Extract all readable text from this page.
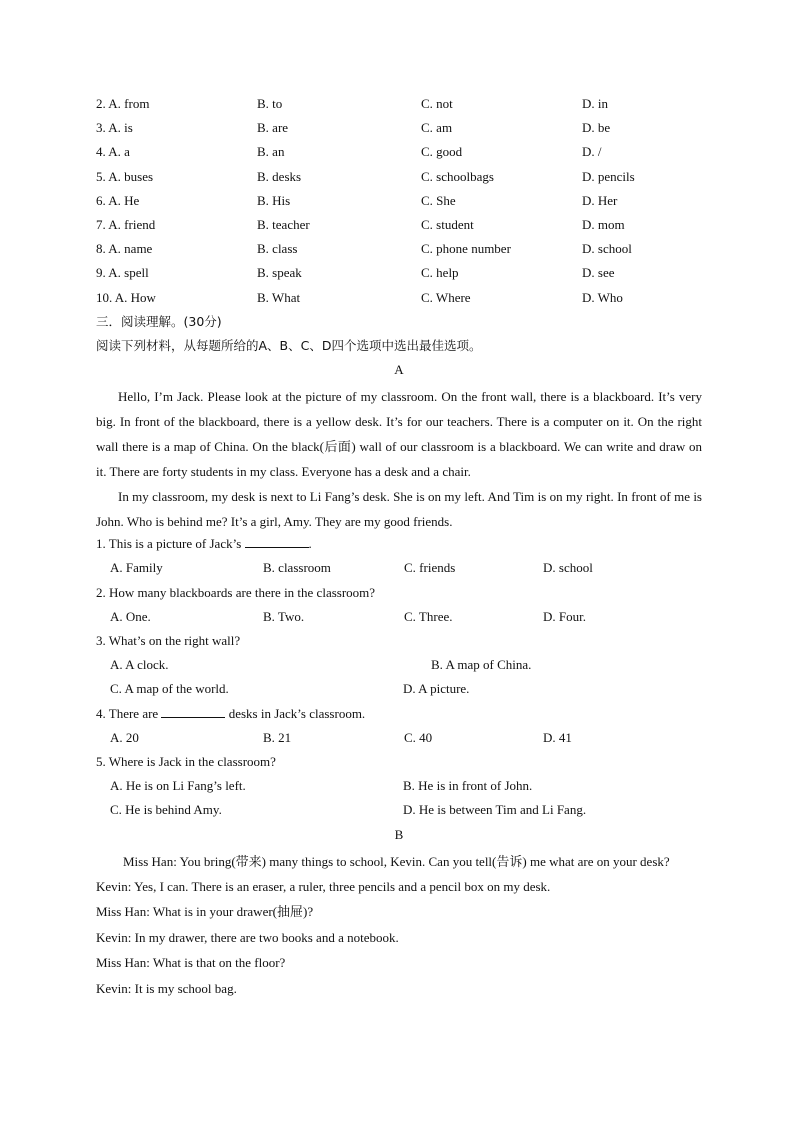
2. A. from	B. to	C. not	D. in
3. A. is	B. are	C. am	D. be
4. A. a	B. an	C. good	D. /
5. A. buses	B. desks	C. schoolbags	D. pencils
6. A. He	B. His	C. She	D. Her
7. A. friend	B. teacher	C. student	D. mom
8. A. name	B. class	C. phone number	D. school
9. A. spell	B. speak	C. help	D. see
10. A. How	B. What	C. Where	D. Who
三．阅读理解。(30分)
阅读下列材料，从每题所给的A、B、C、D四个选项中选出最佳选项。
A

Hello, I’m Jack. Please look at the picture of my classroom. On the front wall, there is a blackboard. It’s very big. In front of the blackboard, there is a yellow desk. It’s for our teachers. There is a computer on it. On the right wall there is a map of China. On the black(后面) wall of our classroom is a blackboard. We can write and draw on it. There are forty students in my class. Everyone has a desk and a chair.

In my classroom, my desk is next to Li Fang’s desk. She is on my left. And Tim is on my right. In front of me is John. Who is behind me? It’s a girl, Amy. They are my good friends.

1. This is a picture of Jack’s	.
A. Family	B. classroom	C. friends	D. school
2. How many blackboards are there in the classroom?
A. One.	B. Two.	C. Three.	D. Four.
3. What’s on the right wall?
A. A clock.	B. A map of China.
C. A map of the world.	D. A picture.
4. There are	desks in Jack’s classroom.
A. 20	B. 21	C. 40	D. 41
5. Where is Jack in the classroom?
A. He is on Li Fang’s left.	B. He is in front of John.
C. He is behind Amy.	D. He is between Tim and Li Fang.
B

Miss Han: You bring(带来) many things to school, Kevin. Can you tell(告诉) me what are on your desk?

Kevin: Yes, I can. There is an eraser, a ruler, three pencils and a pencil box on my desk.

Miss Han: What is in your drawer(抽屉)?

Kevin: In my drawer, there are two books and a notebook.

Miss Han: What is that on the floor?

Kevin: It is my school bag.
